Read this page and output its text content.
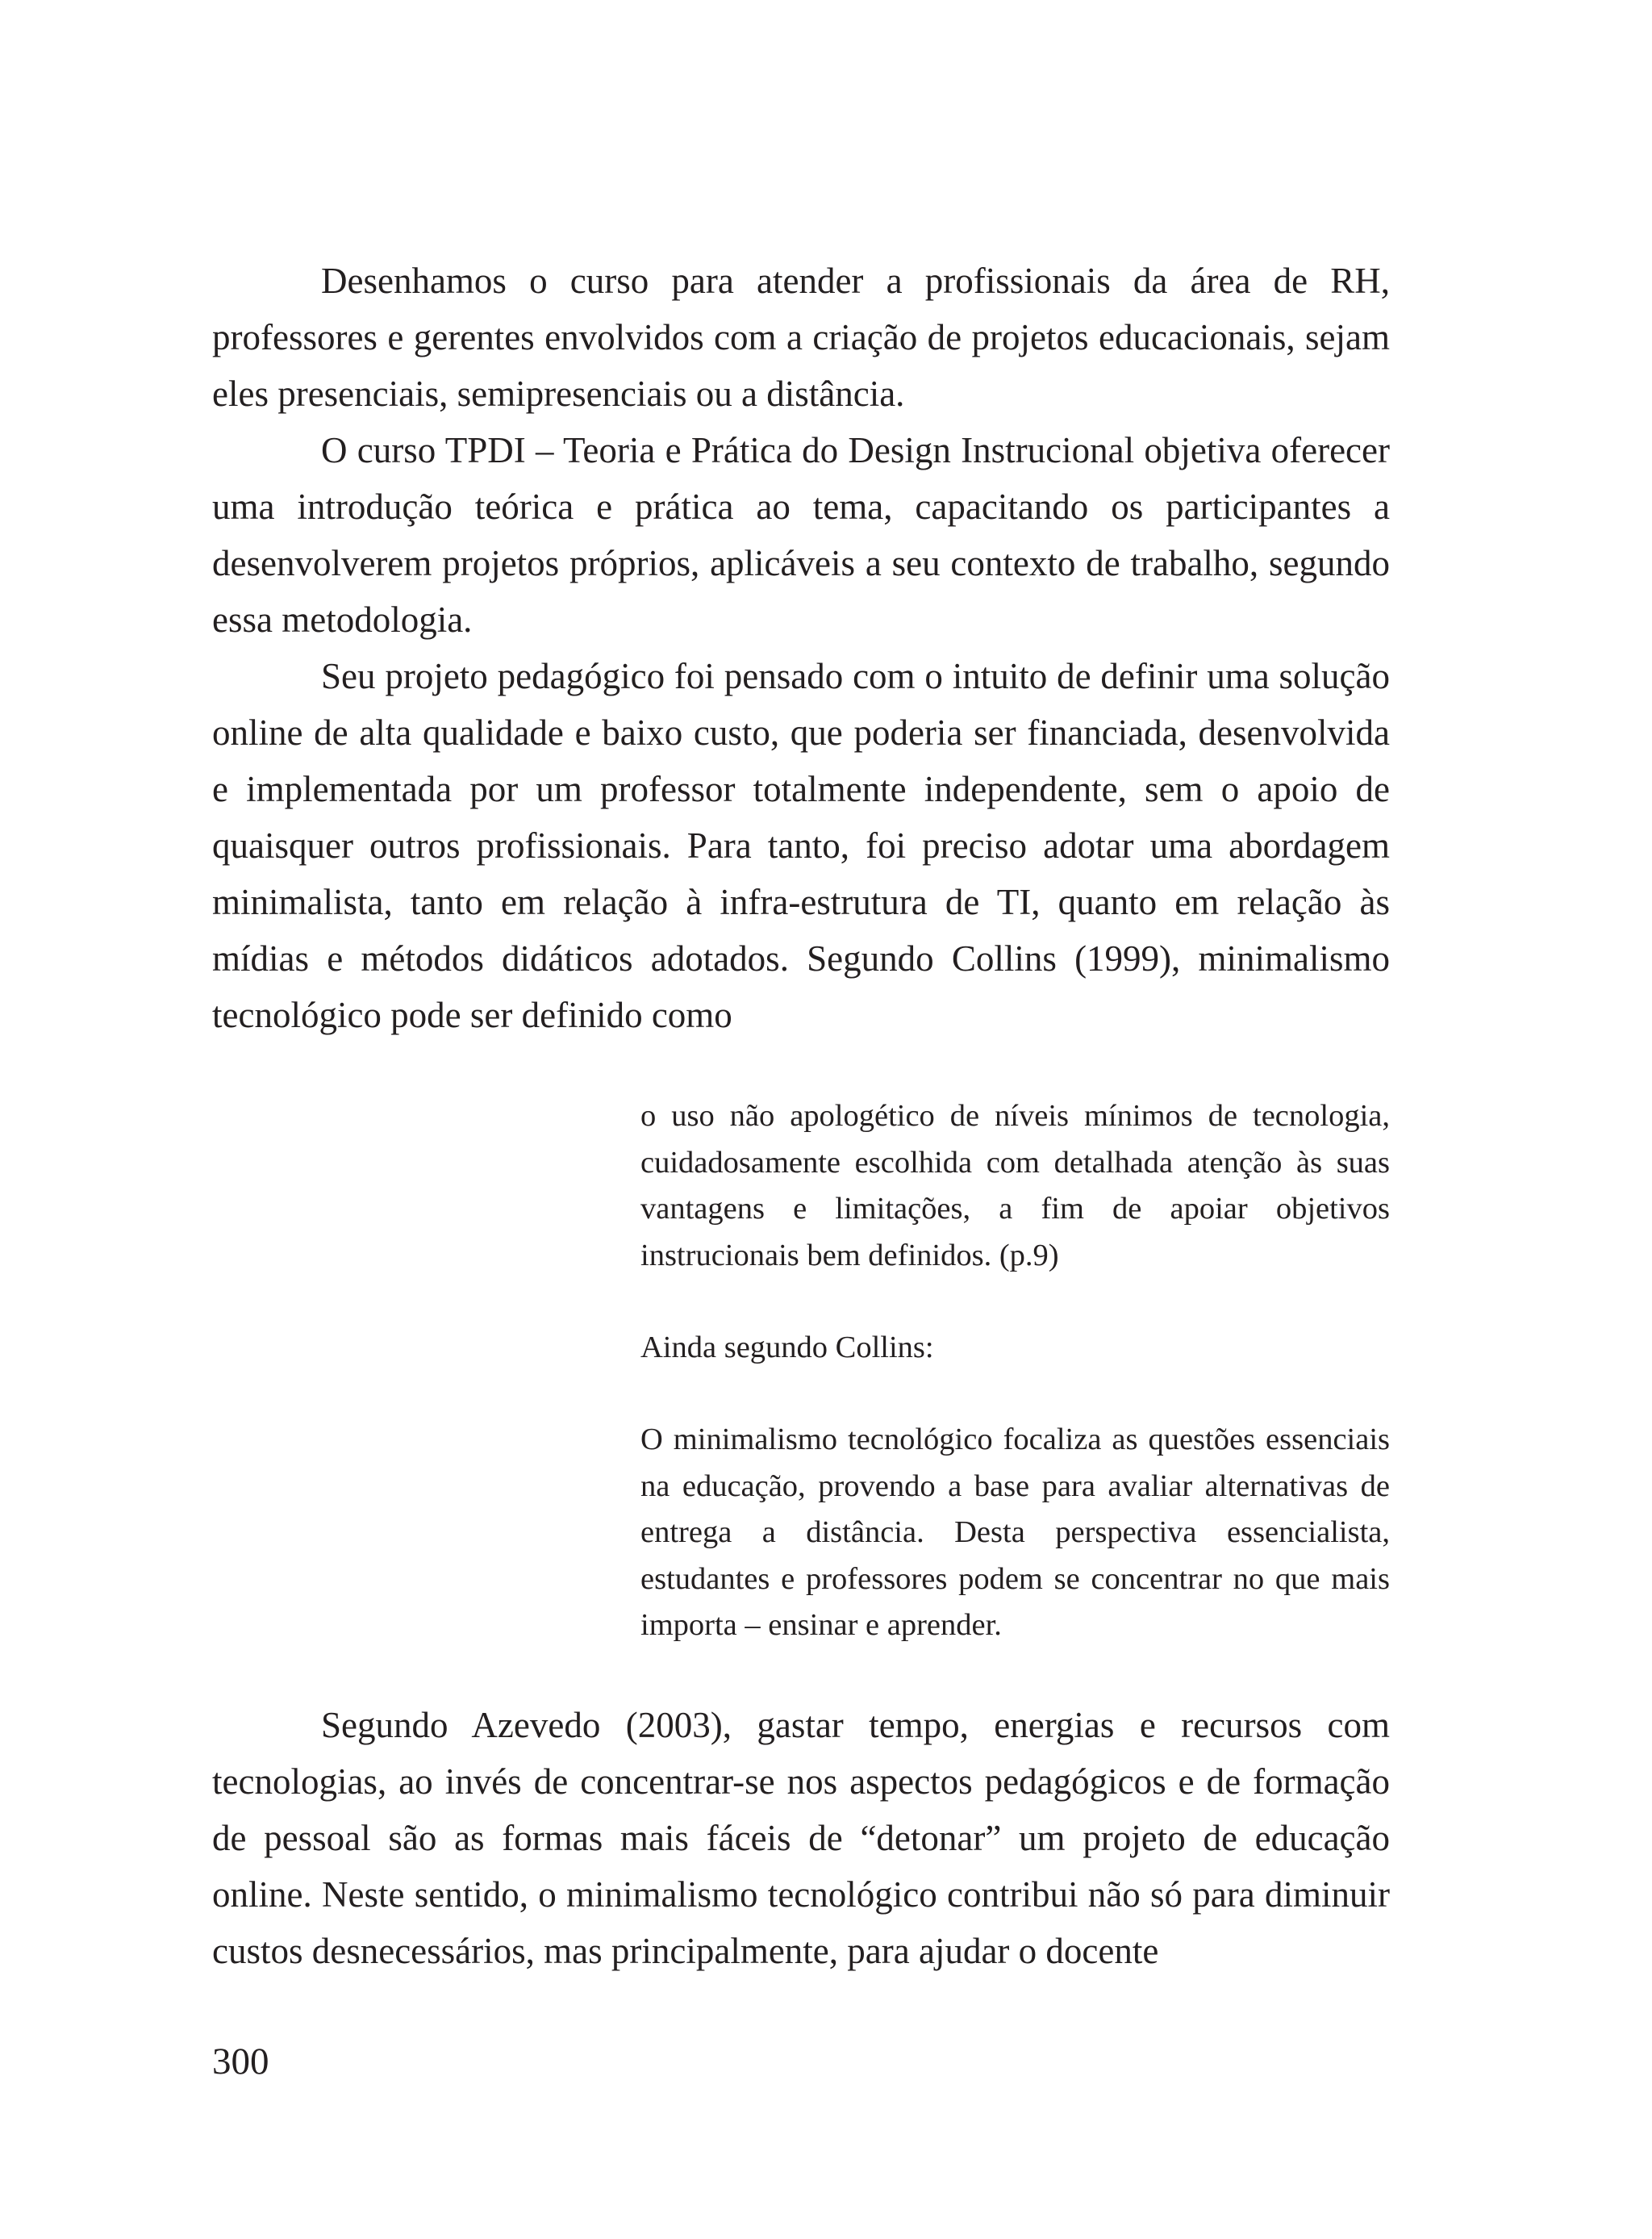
Desenhamos o curso para atender a profissionais da área de RH, professores e gerentes envolvidos com a criação de projetos educacionais, sejam eles presenciais, semipresenciais ou a distância.

O curso TPDI – Teoria e Prática do Design Instrucional objetiva oferecer uma introdução teórica e prática ao tema, capacitando os participantes a desenvolverem projetos próprios, aplicáveis a seu contexto de trabalho, segundo essa metodologia.

Seu projeto pedagógico foi pensado com o intuito de definir uma solução online de alta qualidade e baixo custo, que poderia ser financiada, desenvolvida e implementada por um professor totalmente independente, sem o apoio de quaisquer outros profissionais. Para tanto, foi preciso adotar uma abordagem minimalista, tanto em relação à infra-estrutura de TI, quanto em relação às mídias e métodos didáticos adotados. Segundo Collins (1999), minimalismo tecnológico pode ser definido como

o uso não apologético de níveis mínimos de tecnologia, cuidadosamente escolhida com detalhada atenção às suas vantagens e limitações, a fim de apoiar objetivos instrucionais bem definidos. (p.9)

Ainda segundo Collins:

O minimalismo tecnológico focaliza as questões essenciais na educação, provendo a base para avaliar alternativas de entrega a distância. Desta perspectiva essencialista, estudantes e professores podem se concentrar no que mais importa – ensinar e aprender.

Segundo Azevedo (2003), gastar tempo, energias e recursos com tecnologias, ao invés de concentrar-se nos aspectos pedagógicos e de formação de pessoal são as formas mais fáceis de “detonar” um projeto de educação online. Neste sentido, o minimalismo tecnológico contribui não só para diminuir custos desnecessários, mas principalmente, para ajudar o docente

300
